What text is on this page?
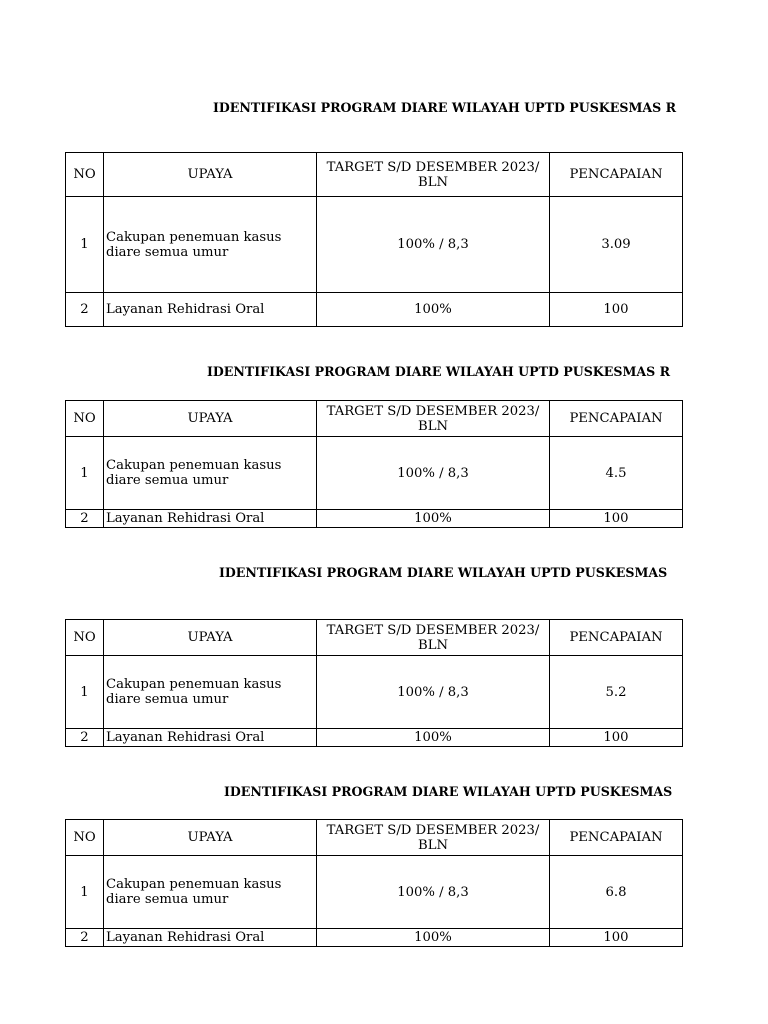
IDENTIFIKASI PROGRAM DIARE WILAYAH UPTD PUSKESMAS R
NO	UPAYA	TARGET S/D DESEMBER 2023/ BLN	PENCAPAIAN
1	Cakupan penemuan kasus diare semua umur	100% / 8,3	3.09
2	Layanan Rehidrasi Oral	100%	100
IDENTIFIKASI PROGRAM DIARE WILAYAH UPTD PUSKESMAS R
NO	UPAYA	TARGET S/D DESEMBER 2023/ BLN	PENCAPAIAN
1	Cakupan penemuan kasus diare semua umur	100% / 8,3	4.5
2	Layanan Rehidrasi Oral	100%	100
IDENTIFIKASI PROGRAM DIARE WILAYAH UPTD PUSKESMAS
NO	UPAYA	TARGET S/D DESEMBER 2023/ BLN	PENCAPAIAN
1	Cakupan penemuan kasus diare semua umur	100% / 8,3	5.2
2	Layanan Rehidrasi Oral	100%	100
IDENTIFIKASI PROGRAM DIARE WILAYAH UPTD PUSKESMAS
NO	UPAYA	TARGET S/D DESEMBER 2023/ BLN	PENCAPAIAN
1	Cakupan penemuan kasus diare semua umur	100% / 8,3	6.8
2	Layanan Rehidrasi Oral	100%	100
